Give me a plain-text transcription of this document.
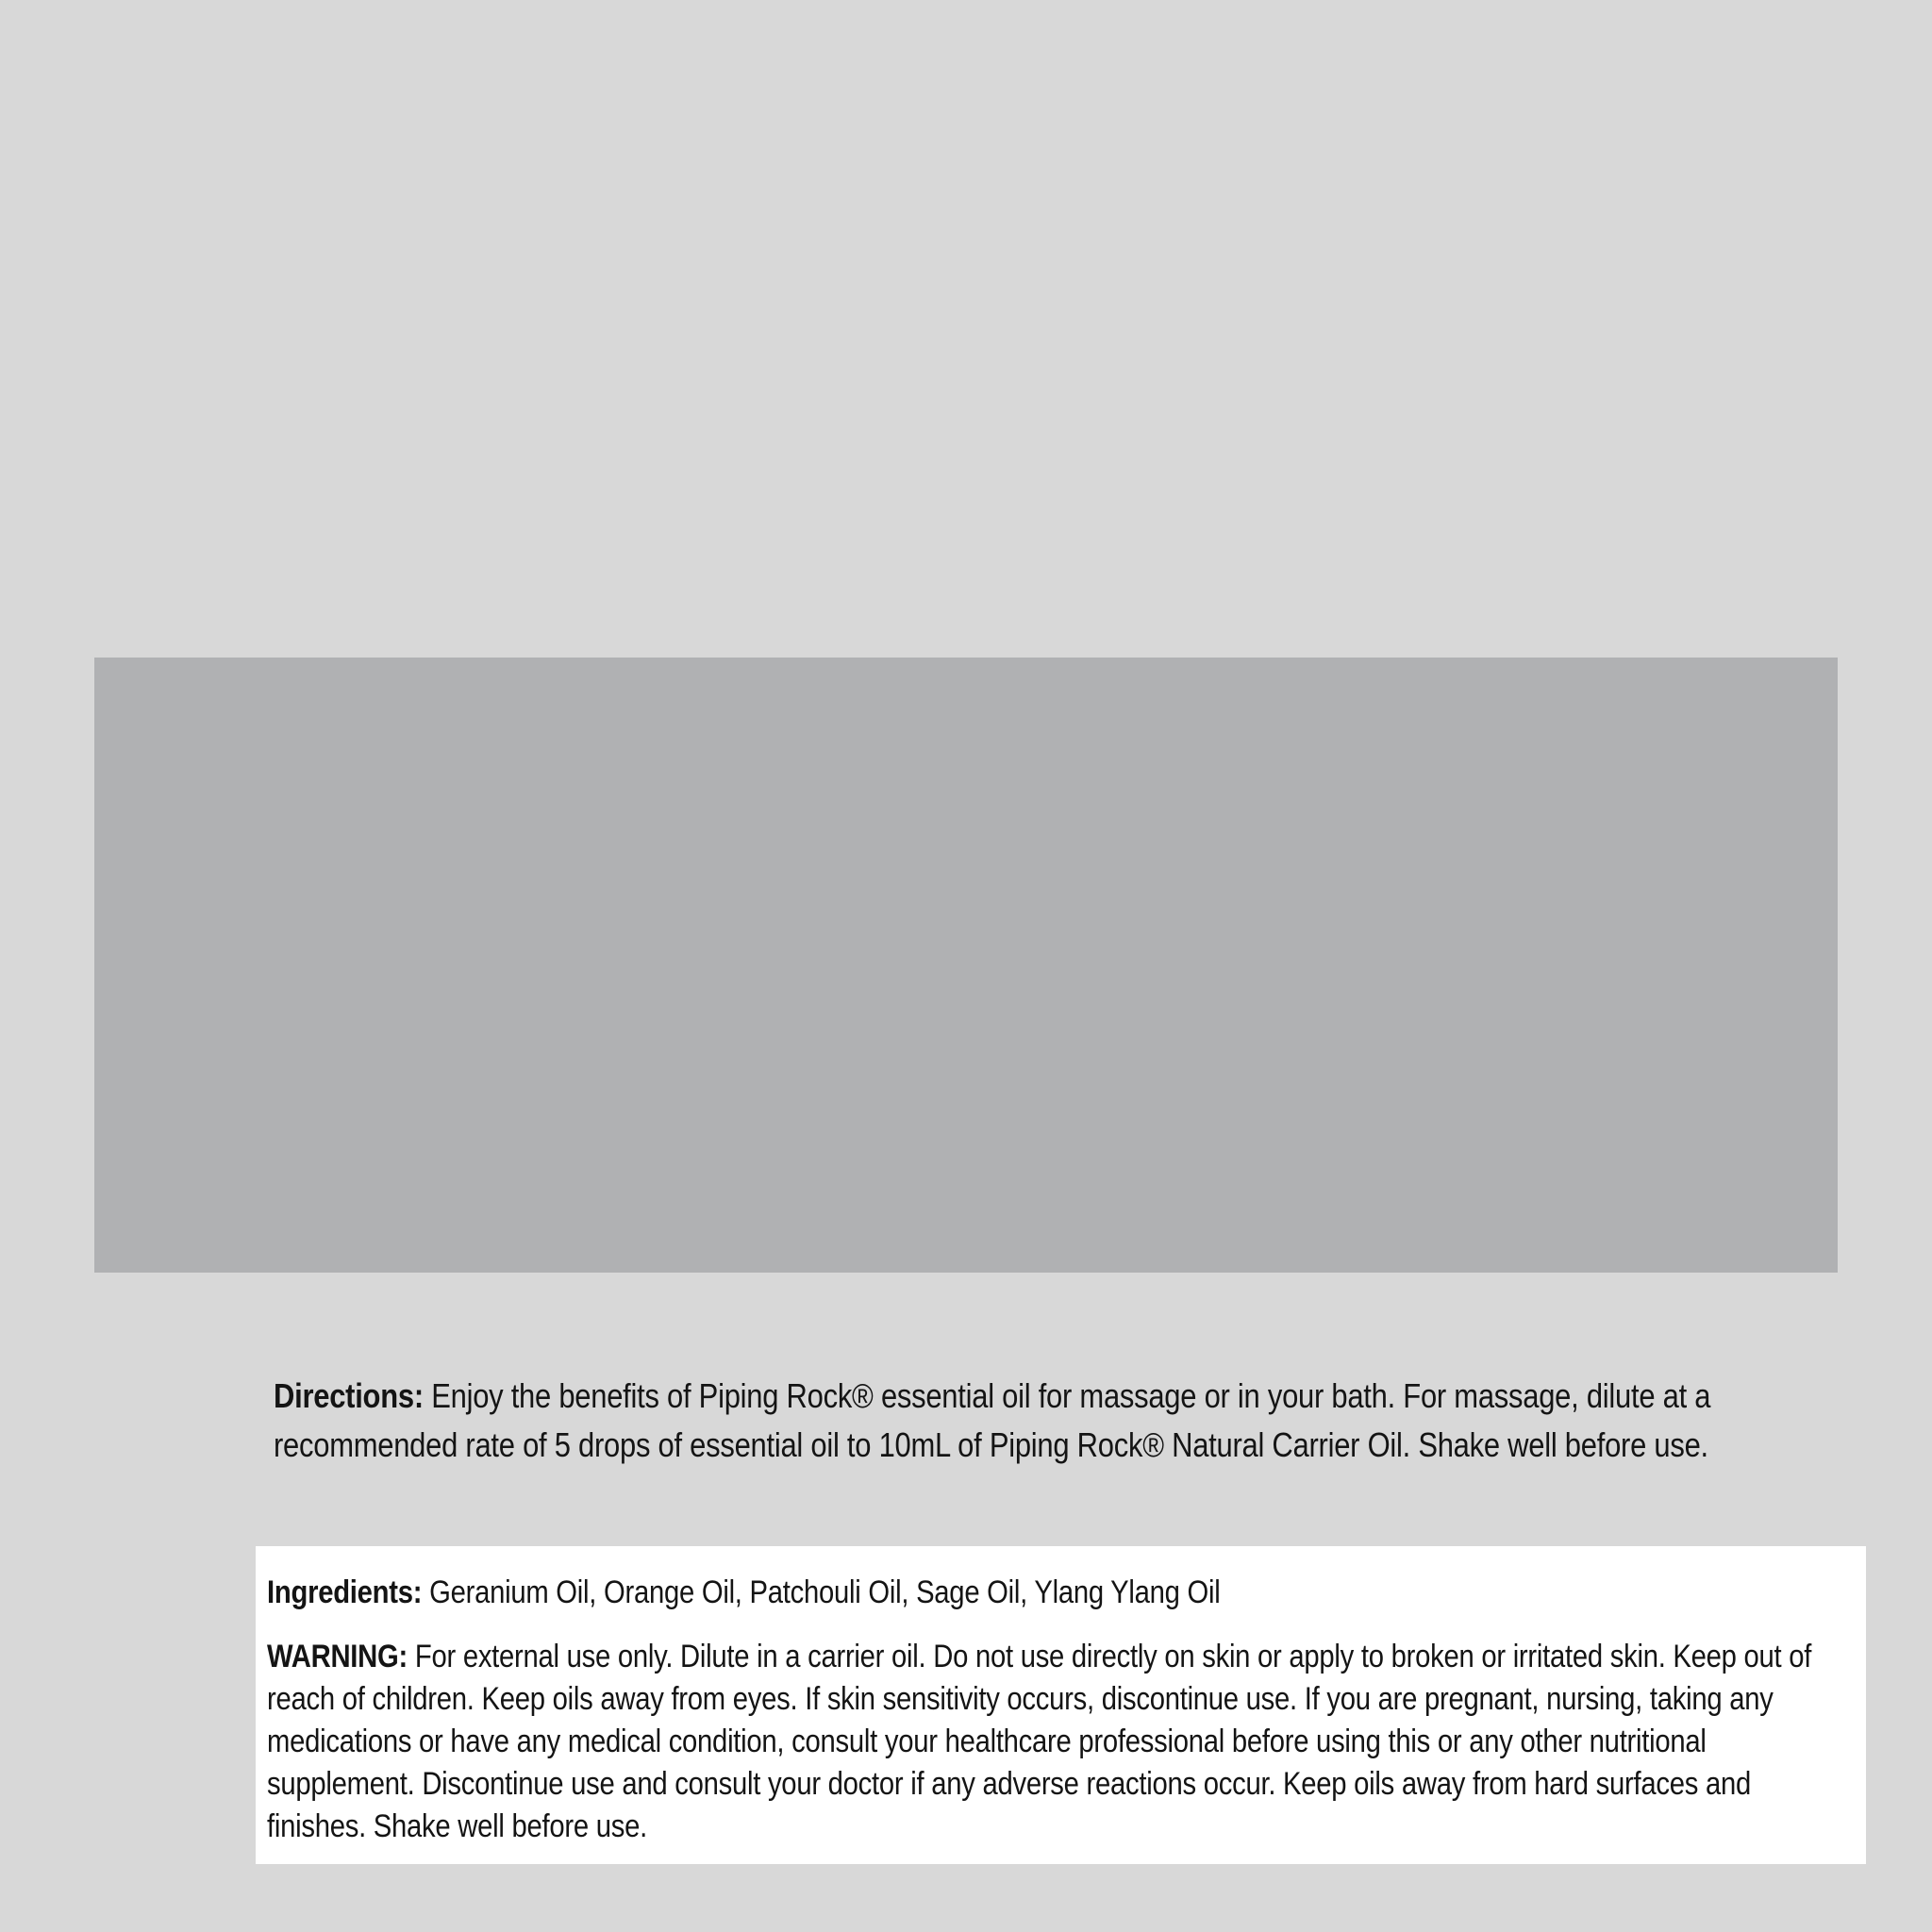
Directions: Enjoy the benefits of Piping Rock® essential oil for massage or in your bath. For massage, dilute at a recommended rate of 5 drops of essential oil to 10mL of Piping Rock® Natural Carrier Oil. Shake well before use.
Ingredients: Geranium Oil, Orange Oil, Patchouli Oil, Sage Oil, Ylang Ylang Oil
WARNING: For external use only. Dilute in a carrier oil. Do not use directly on skin or apply to broken or irritated skin. Keep out of reach of children. Keep oils away from eyes. If skin sensitivity occurs, discontinue use. If you are pregnant, nursing, taking any medications or have any medical condition, consult your healthcare professional before using this or any other nutritional supplement. Discontinue use and consult your doctor if any adverse reactions occur. Keep oils away from hard surfaces and finishes. Shake well before use.
